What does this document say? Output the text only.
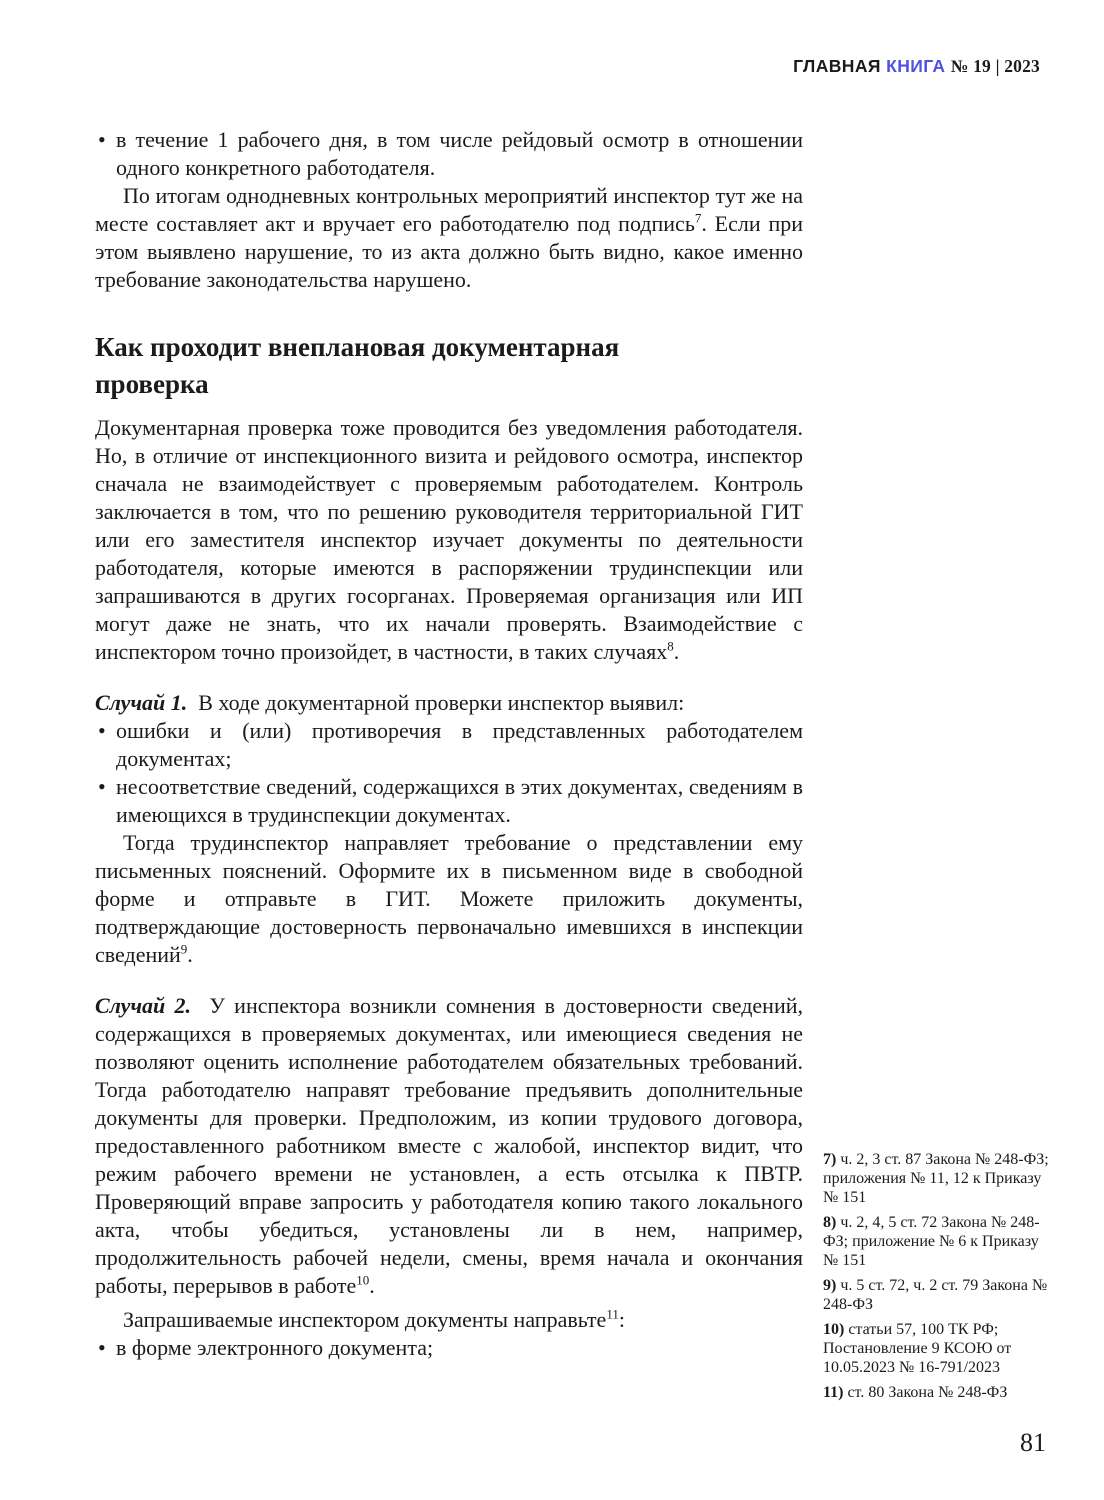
ГЛАВНАЯ КНИГА № 19 | 2023
• в течение 1 рабочего дня, в том числе рейдовый осмотр в отношении одного конкретного работодателя.

По итогам однодневных контрольных мероприятий инспектор тут же на месте составляет акт и вручает его работодателю под подпись$^7$. Если при этом выявлено нарушение, то из акта должно быть видно, какое именно требование законодательства нарушено.

Как проходит внеплановая документарная проверка

Документарная проверка тоже проводится без уведомления работодателя. Но, в отличие от инспекционного визита и рейдового осмотра, инспектор сначала не взаимодействует с проверяемым работодателем. Контроль заключается в том, что по решению руководителя территориальной ГИТ или его заместителя инспектор изучает документы по деятельности работодателя, которые имеются в распоряжении трудинспекции или запрашиваются в других госорганах. Проверяемая организация или ИП могут даже не знать, что их начали проверять. Взаимодействие с инспектором точно произойдет, в частности, в таких случаях$^8$.

Случай 1. В ходе документарной проверки инспектор выявил:

• ошибки и (или) противоречия в представленных работодателем документах;
• несоответствие сведений, содержащихся в этих документах, сведениям в имеющихся в трудинспекции документах.

Тогда трудинспектор направляет требование о представлении ему письменных пояснений. Оформите их в письменном виде в свободной форме и отправьте в ГИТ. Можете приложить документы, подтверждающие достоверность первоначально имевшихся в инспекции сведений$^9$.

Случай 2. У инспектора возникли сомнения в достоверности сведений, содержащихся в проверяемых документах, или имеющиеся сведения не позволяют оценить исполнение работодателем обязательных требований. Тогда работодателю направят требование предъявить дополнительные документы для проверки. Предположим, из копии трудового договора, предоставленного работником вместе с жалобой, инспектор видит, что режим рабочего времени не установлен, а есть отсылка к ПВТР. Проверяющий вправе запросить у работодателя копию такого локального акта, чтобы убедиться, установлены ли в нем, например, продолжительность рабочей недели, смены, время начала и окончания работы, перерывов в работе$^{10}$.

Запрашиваемые инспектором документы направьте$^{11}$:

• в форме электронного документа;

7) ч. 2, 3 ст. 87 Закона № 248-ФЗ; приложения № 11, 12 к Приказу № 151

8) ч. 2, 4, 5 ст. 72 Закона № 248-ФЗ; приложение № 6 к Приказу № 151

9) ч. 5 ст. 72, ч. 2 ст. 79 Закона № 248-ФЗ

10) статьи 57, 100 ТК РФ; Постановление 9 КСОЮ от 10.05.2023 № 16-791/2023

11) ст. 80 Закона № 248-ФЗ

81
